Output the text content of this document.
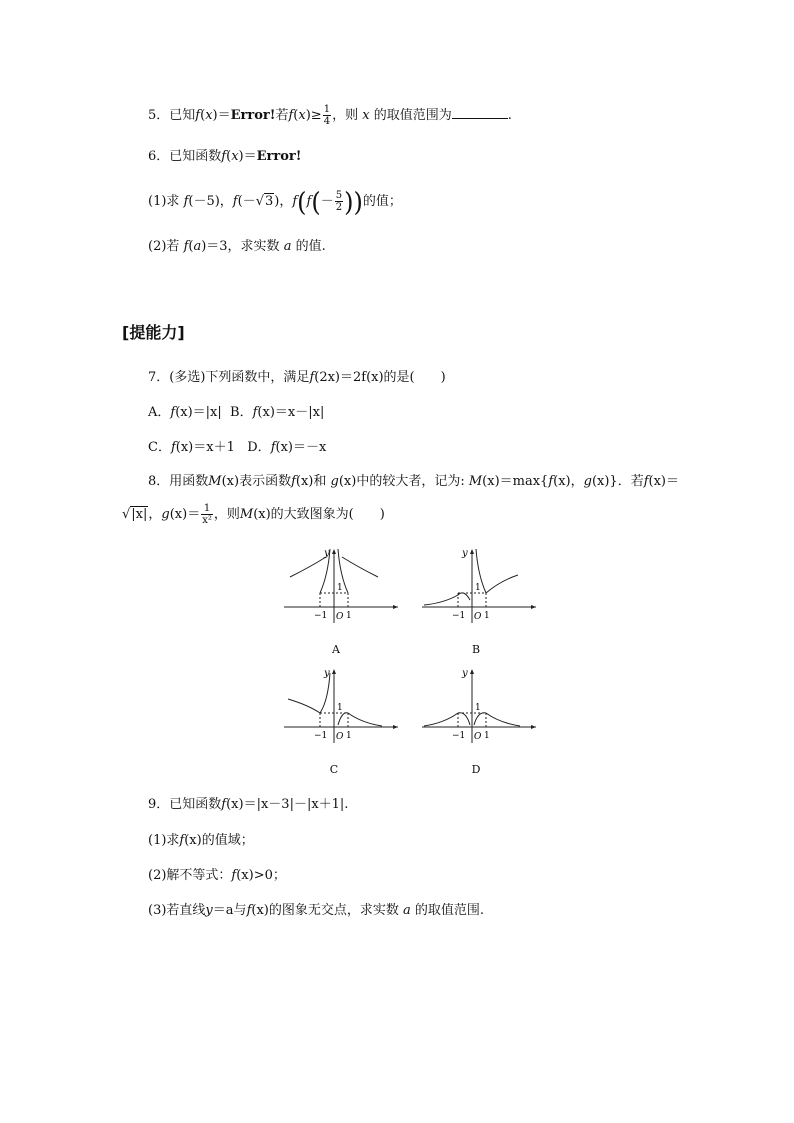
5．已知f(x)＝Error!若$f(x)\ge \frac{1}{4}$ ，则 x 的取值范围为	.
6．已知函数f(x)＝Error!
(1)求 f(－5)，f(－√3)，$f(f(- \frac{5}{2}$ ))的值；
(2)若 f(a)＝3，求实数 a 的值.
[提能力]
7．(多选)下列函数中，满足f(2x)＝2f(x)的是(　　)
A．f(x)＝|x| B．f(x)＝x－|x|
C．f(x)＝x＋1 D．f(x)＝－x
8．用函数M(x)表示函数f(x)和 g(x)中的较大者，记为: M(x)＝max{f(x)，g(x)}．若f(x)＝
√|x|，$g(x)= \frac{1}{\text{x²}}$ ，则M(x)的大致图象为(　　)
y
1
−1 O 1
A
y
1
−1 O 1
B
y
1
−1 O 1
C
y
1
−1 O 1
D
9．已知函数f(x)＝|x－3|－|x＋1|.
(1)求f(x)的值域；
(2)解不等式：f(x)>0；
(3)若直线y＝a与f(x)的图象无交点，求实数 a 的取值范围.
